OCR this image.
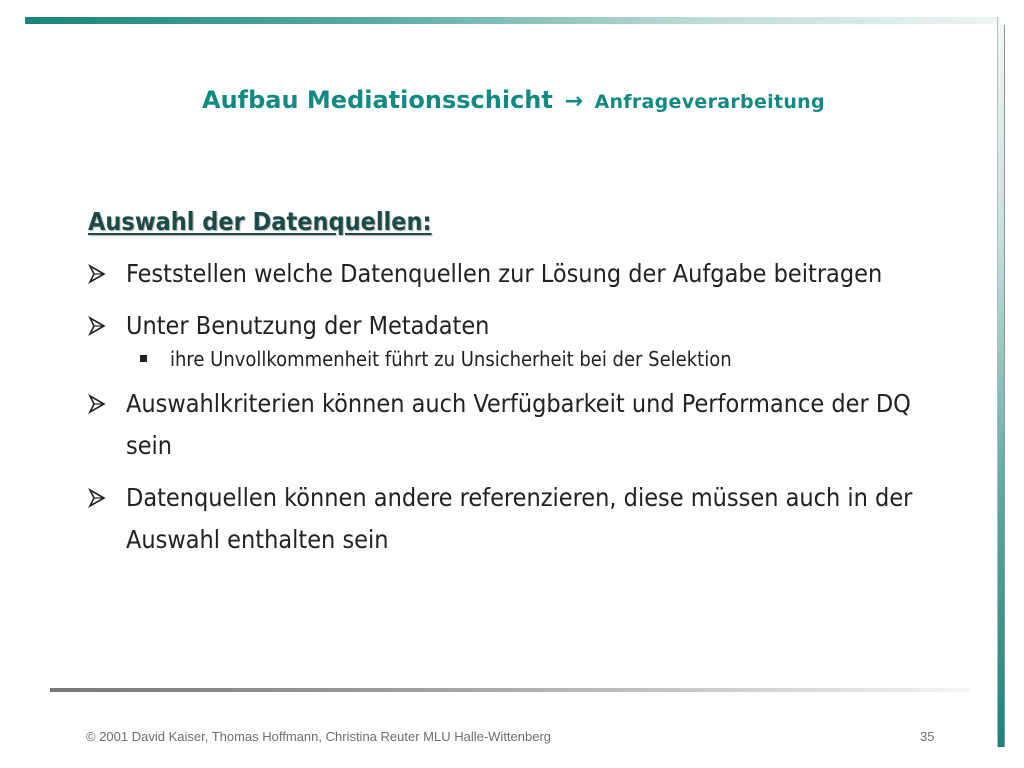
Aufbau Mediationsschicht → Anfrageverarbeitung
Auswahl der Datenquellen:
Feststellen welche Datenquellen zur Lösung der Aufgabe beitragen
Unter Benutzung der Metadaten
ihre Unvollkommenheit führt zu Unsicherheit bei der Selektion
Auswahlkriterien können auch Verfügbarkeit und Performance der DQ sein
Datenquellen können andere referenzieren, diese müssen auch in der Auswahl enthalten sein
© 2001 David Kaiser, Thomas Hoffmann, Christina Reuter MLU Halle-Wittenberg	35
